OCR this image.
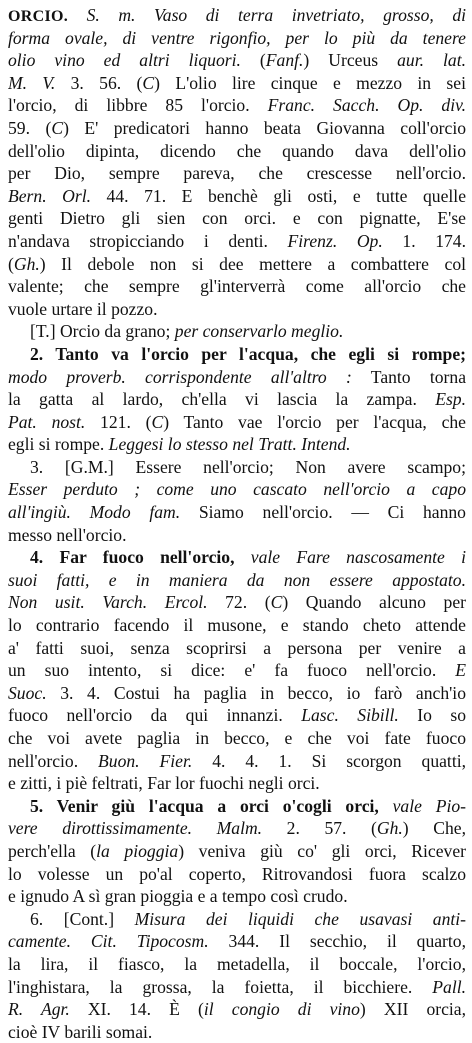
ORCIO. S. m. Vaso di terra invetriato, grosso, di
forma ovale, di ventre rigonfio, per lo più da tenere
olio vino ed altri liquori. (Fanf.) Urceus aur. lat.
M. V. 3. 56. (C) L'olio lire cinque e mezzo in sei
l'orcio, di libbre 85 l'orcio. Franc. Sacch. Op. div.
59. (C) E' predicatori hanno beata Giovanna coll'orcio
dell'olio dipinta, dicendo che quando dava dell'olio
per Dio, sempre pareva, che crescesse nell'orcio.
Bern. Orl. 44. 71. E benchè gli osti, e tutte quelle
genti Dietro gli sien con orci. e con pignatte, E'se
n'andava stropicciando i denti. Firenz. Op. 1. 174.
(Gh.) Il debole non si dee mettere a combattere col
valente; che sempre gl'interverrà come all'orcio che
vuole urtare il pozzo.
[T.] Orcio da grano; per conservarlo meglio.
2. Tanto va l'orcio per l'acqua, che egli si rompe;
modo proverb. corrispondente all'altro : Tanto torna
la gatta al lardo, ch'ella vi lascia la zampa. Esp.
Pat. nost. 121. (C) Tanto vae l'orcio per l'acqua, che
egli si rompe. Leggesi lo stesso nel Tratt. Intend.
3. [G.M.] Essere nell'orcio; Non avere scampo;
Esser perduto ; come uno cascato nell'orcio a capo
all'ingiù. Modo fam. Siamo nell'orcio. — Ci hanno
messo nell'orcio.
4. Far fuoco nell'orcio, vale Fare nascosamente i
suoi fatti, e in maniera da non essere appostato.
Non usit. Varch. Ercol. 72. (C) Quando alcuno per
lo contrario facendo il musone, e stando cheto attende
a' fatti suoi, senza scoprirsi a persona per venire a
un suo intento, si dice: e' fa fuoco nell'orcio. E
Suoc. 3. 4. Costui ha paglia in becco, io farò anch'io
fuoco nell'orcio da qui innanzi. Lasc. Sibill. Io so
che voi avete paglia in becco, e che voi fate fuoco
nell'orcio. Buon. Fier. 4. 4. 1. Si scorgon quatti,
e zitti, i piè feltrati, Far lor fuochi negli orci.
5. Venir giù l'acqua a orci o'cogli orci, vale Pio-
vere dirottissimamente. Malm. 2. 57. (Gh.) Che,
perch'ella (la pioggia) veniva giù co' gli orci, Ricever
lo volesse un po'al coperto, Ritrovandosi fuora scalzo
e ignudo A sì gran pioggia e a tempo così crudo.
6. [Cont.] Misura dei liquidi che usavasi anti-
camente. Cit. Tipocosm. 344. Il secchio, il quarto,
la lira, il fiasco, la metadella, il boccale, l'orcio,
l'inghistara, la grossa, la foietta, il bicchiere. Pall.
R. Agr. XI. 14. È (il congio di vino) XII orcia,
cioè IV barili somai.
